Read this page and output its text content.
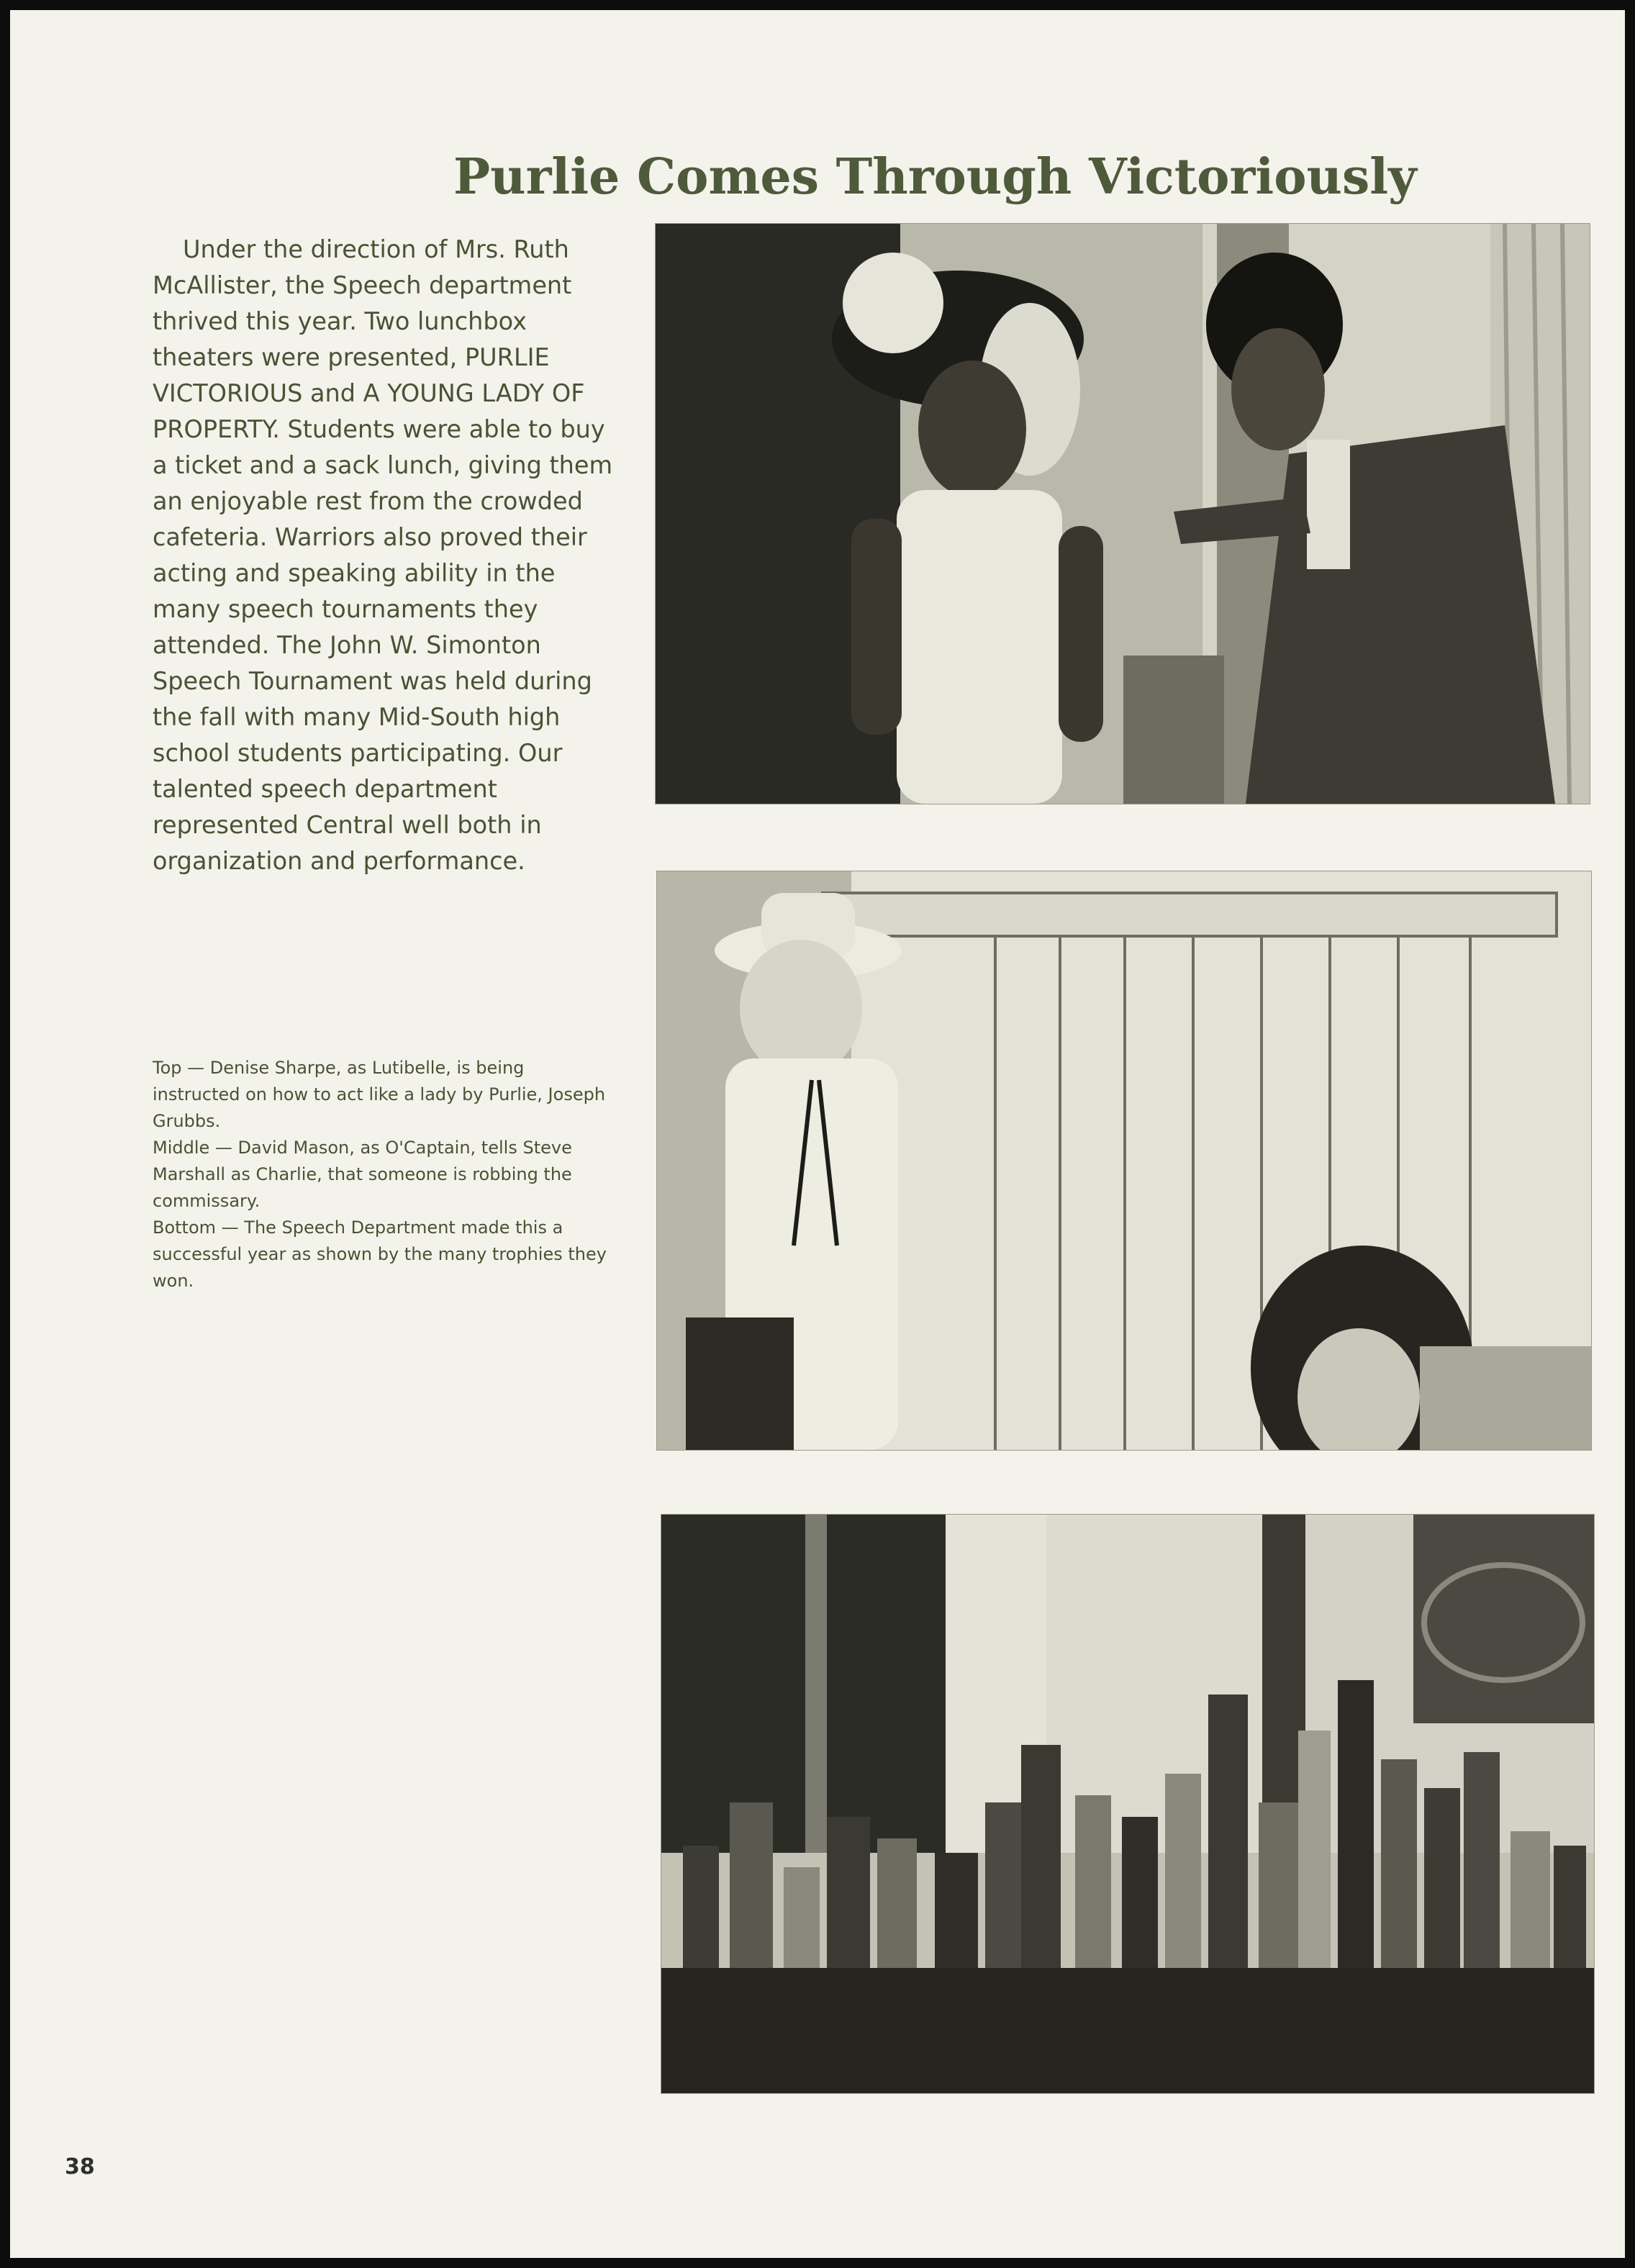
Purlie Comes Through Victoriously

Under the direction of Mrs. Ruth McAllister, the Speech department thrived this year. Two lunchbox theaters were presented, PURLIE VICTORIOUS and A YOUNG LADY OF PROPERTY. Students were able to buy a ticket and a sack lunch, giving them an enjoyable rest from the crowded cafeteria. Warriors also proved their acting and speaking ability in the many speech tournaments they attended. The John W. Simonton Speech Tournament was held during the fall with many Mid-South high school students participating. Our talented speech department represented Central well both in organization and performance.

Top — Denise Sharpe, as Lutibelle, is being instructed on how to act like a lady by Purlie, Joseph Grubbs.
Middle — David Mason, as O'Captain, tells Steve Marshall as Charlie, that someone is robbing the commissary.
Bottom — The Speech Department made this a successful year as shown by the many trophies they won.
38
